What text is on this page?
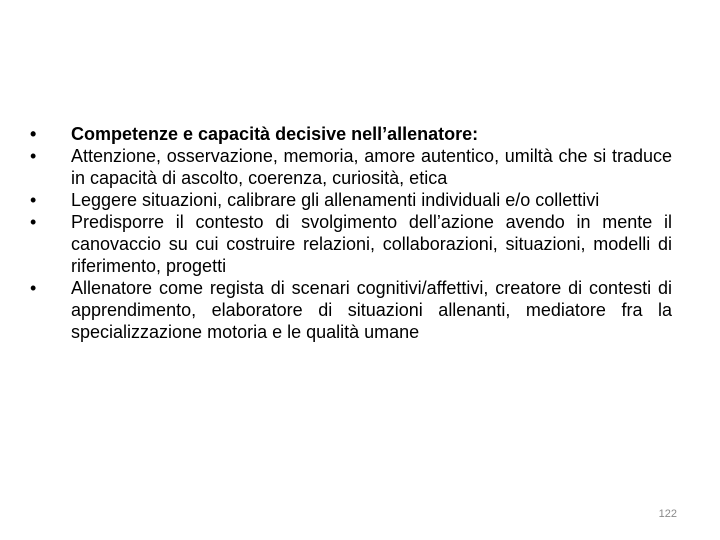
•	Competenze e capacità decisive nell’allenatore:
•	Attenzione, osservazione, memoria, amore autentico, umiltà che si traduce in capacità di ascolto, coerenza, curiosità, etica
•	Leggere situazioni, calibrare gli allenamenti individuali e/o collettivi
•	Predisporre il contesto di svolgimento dell’azione avendo in mente il canovaccio su cui costruire relazioni, collaborazioni, situazioni, modelli di riferimento, progetti
•	Allenatore come regista di scenari cognitivi/affettivi, creatore di contesti di apprendimento, elaboratore di situazioni allenanti, mediatore fra la specializzazione motoria e le qualità umane
122
